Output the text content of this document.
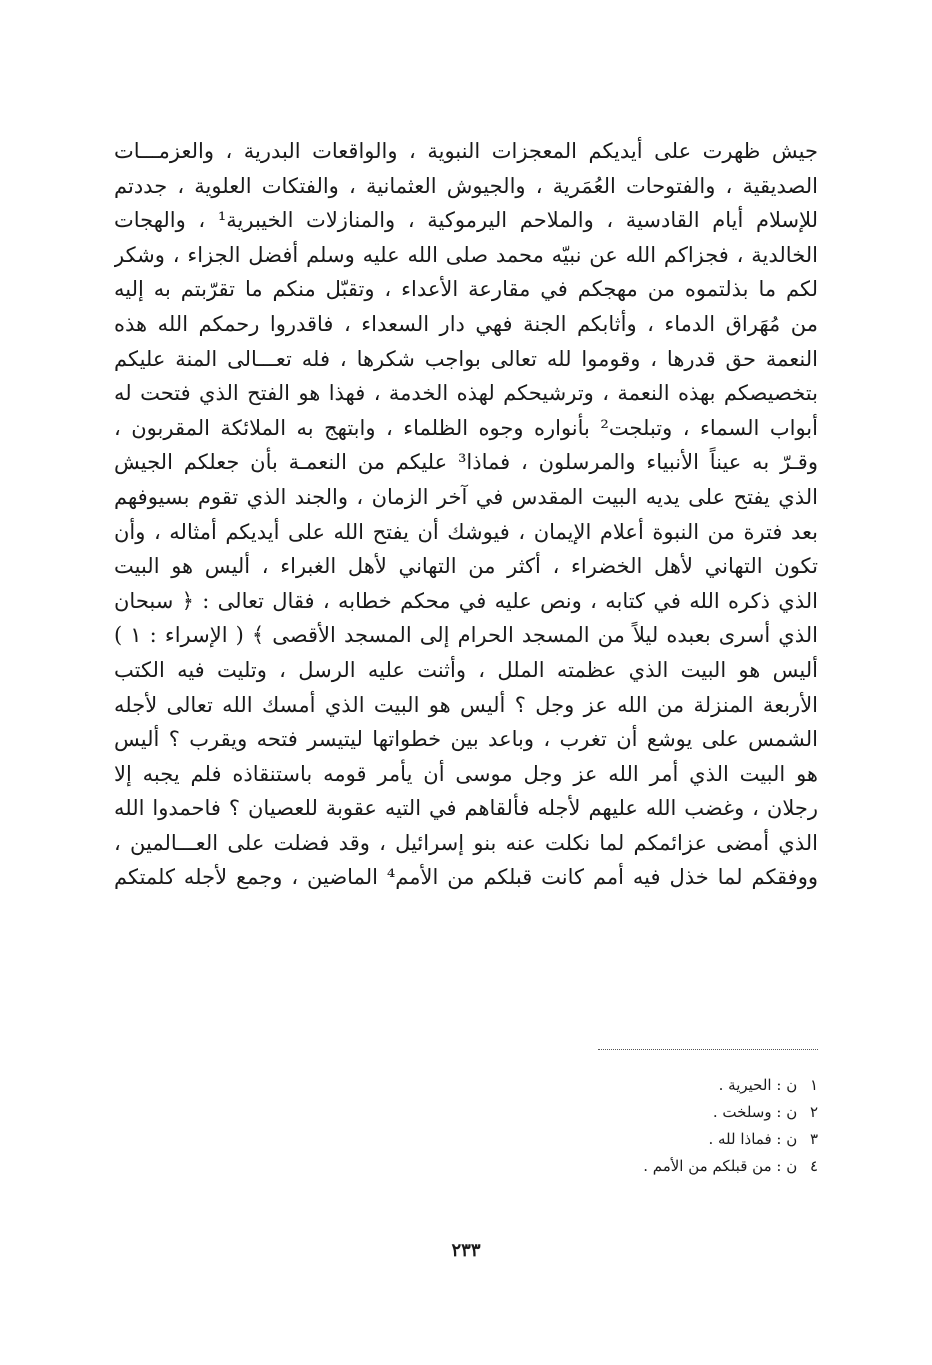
جيش ظهرت على أيديكم المعجزات النبوية ، والواقعات البدرية ، والعزمـــات
الصديقية ، والفتوحات العُمَرية ، والجيوش العثمانية ، والفتكات العلوية ، جددتم
للإسلام أيام القادسية ، والملاحم اليرموكية ، والمنازلات الخيبرية¹ ، والهجات
الخالدية ، فجزاكم الله عن نبيّه محمد صلى الله عليه وسلم أفضل الجزاء ، وشكر
لكم ما بذلتموه من مهجكم في مقارعة الأعداء ، وتقبّل منكم ما تقرّبتم به إليه
من مُهَراق الدماء ، وأثابكم الجنة فهي دار السعداء ، فاقدروا رحمكم الله هذه
النعمة حق قدرها ، وقوموا لله تعالى بواجب شكرها ، فله تعـــالى المنة عليكم
بتخصيصكم بهذه النعمة ، وترشيحكم لهذه الخدمة ، فهذا هو الفتح الذي فتحت له
أبواب السماء ، وتبلجت² بأنواره وجوه الظلماء ، وابتهج به الملائكة المقربون ،
وقـرّ به عيناً الأنبياء والمرسلون ، فماذا³ عليكم من النعمـة بأن جعلكم الجيش
الذي يفتح على يديه البيت المقدس في آخر الزمان ، والجند الذي تقوم بسيوفهم
بعد فترة من النبوة أعلام الإيمان ، فيوشك أن يفتح الله على أيديكم أمثاله ، وأن
تكون التهاني لأهل الخضراء ، أكثر من التهاني لأهل الغبراء ، أليس هو البيت
الذي ذكره الله في كتابه ، ونص عليه في محكم خطابه ، فقال تعالى : ﴿ سبحان
الذي أسرى بعبده ليلاً من المسجد الحرام إلى المسجد الأقصى ﴾ ( الإسراء : ١ )
أليس هو البيت الذي عظمته الملل ، وأثنت عليه الرسل ، وتليت فيه الكتب
الأربعة المنزلة من الله عز وجل ؟ أليس هو البيت الذي أمسك الله تعالى لأجله
الشمس على يوشع أن تغرب ، وباعد بين خطواتها ليتيسر فتحه ويقرب ؟ أليس
هو البيت الذي أمر الله عز وجل موسى أن يأمر قومه باستنقاذه فلم يجبه إلا
رجلان ، وغضب الله عليهم لأجله فألقاهم في التيه عقوبة للعصيان ؟ فاحمدوا الله
الذي أمضى عزائمكم لما نكلت عنه بنو إسرائيل ، وقد فضلت على العـــالمين ،
ووفقكم لما خذل فيه أمم كانت قبلكم من الأمم⁴ الماضين ، وجمع لأجله كلمتكم
١ ن : الحيرية .
٢ ن : وسلخت .
٣ ن : فماذا لله .
٤ ن : من قبلكم من الأمم .
٢٣٣
